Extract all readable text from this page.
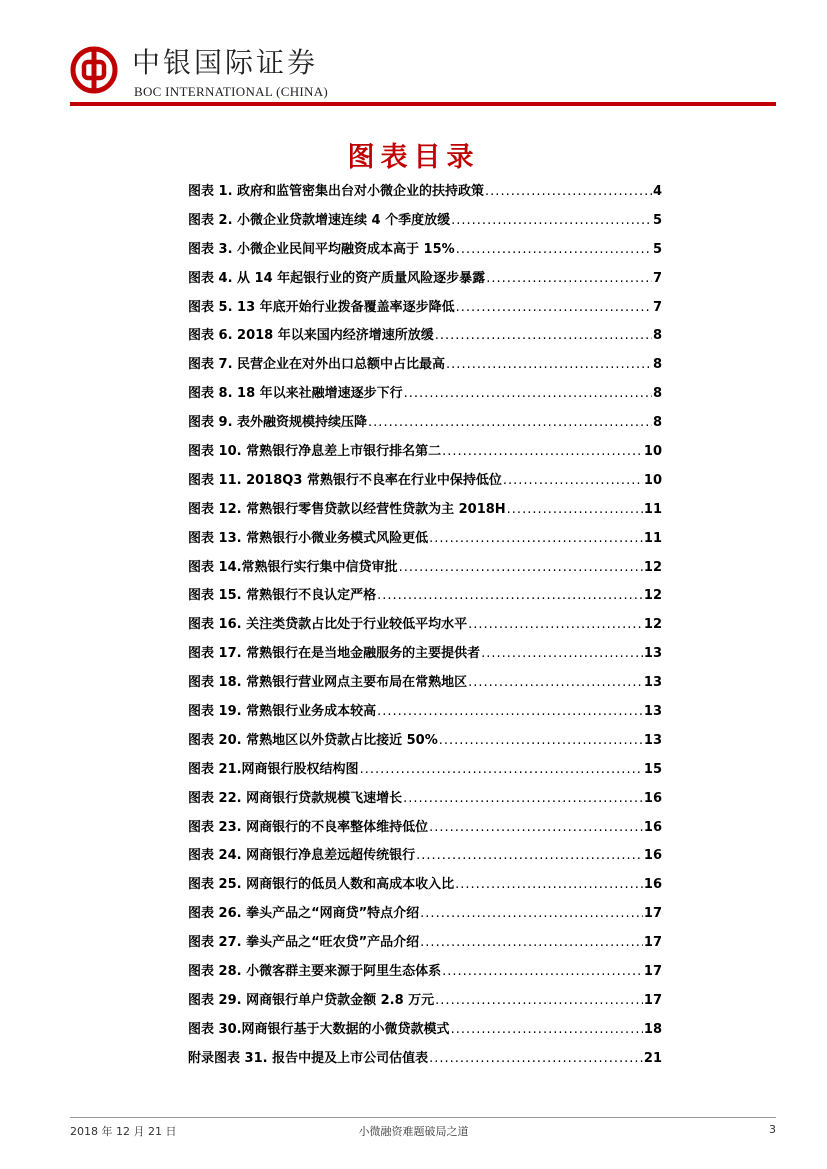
中银国际证券
BOC INTERNATIONAL (CHINA)
图表目录
图表 1. 政府和监管密集出台对小微企业的扶持政策 .....	4
图表 2. 小微企业贷款增速连续 4 个季度放缓 .....	5
图表 3. 小微企业民间平均融资成本高于 15% .....	5
图表 4. 从 14 年起银行业的资产质量风险逐步暴露 .....	7
图表 5. 13 年底开始行业拨备覆盖率逐步降低 .....	7
图表 6. 2018 年以来国内经济增速所放缓 .....	8
图表 7. 民营企业在对外出口总额中占比最高 .....	8
图表 8. 18 年以来社融增速逐步下行 .....	8
图表 9. 表外融资规模持续压降 .....	8
图表 10. 常熟银行净息差上市银行排名第二 .....	10
图表 11. 2018Q3 常熟银行不良率在行业中保持低位 .....	10
图表 12. 常熟银行零售贷款以经营性贷款为主 2018H .....	11
图表 13. 常熟银行小微业务模式风险更低 .....	11
图表 14.常熟银行实行集中信贷审批 .....	12
图表 15. 常熟银行不良认定严格 .....	12
图表 16. 关注类贷款占比处于行业较低平均水平 .....	12
图表 17. 常熟银行在是当地金融服务的主要提供者 .....	13
图表 18. 常熟银行营业网点主要布局在常熟地区 .....	13
图表 19. 常熟银行业务成本较高 .....	13
图表 20. 常熟地区以外贷款占比接近 50% .....	13
图表 21.网商银行股权结构图 .....	15
图表 22. 网商银行贷款规模飞速增长 .....	16
图表 23. 网商银行的不良率整体维持低位 .....	16
图表 24. 网商银行净息差远超传统银行 .....	16
图表 25. 网商银行的低员人数和高成本收入比 .....	16
图表 26. 拳头产品之“网商贷”特点介绍 .....	17
图表 27. 拳头产品之“旺农贷”产品介绍 .....	17
图表 28. 小微客群主要来源于阿里生态体系 .....	17
图表 29. 网商银行单户贷款金额 2.8 万元 .....	17
图表 30.网商银行基于大数据的小微贷款模式 .....	18
附录图表 31. 报告中提及上市公司估值表 .....	21
2018 年 12 月 21 日	小微融资难题破局之道	3
